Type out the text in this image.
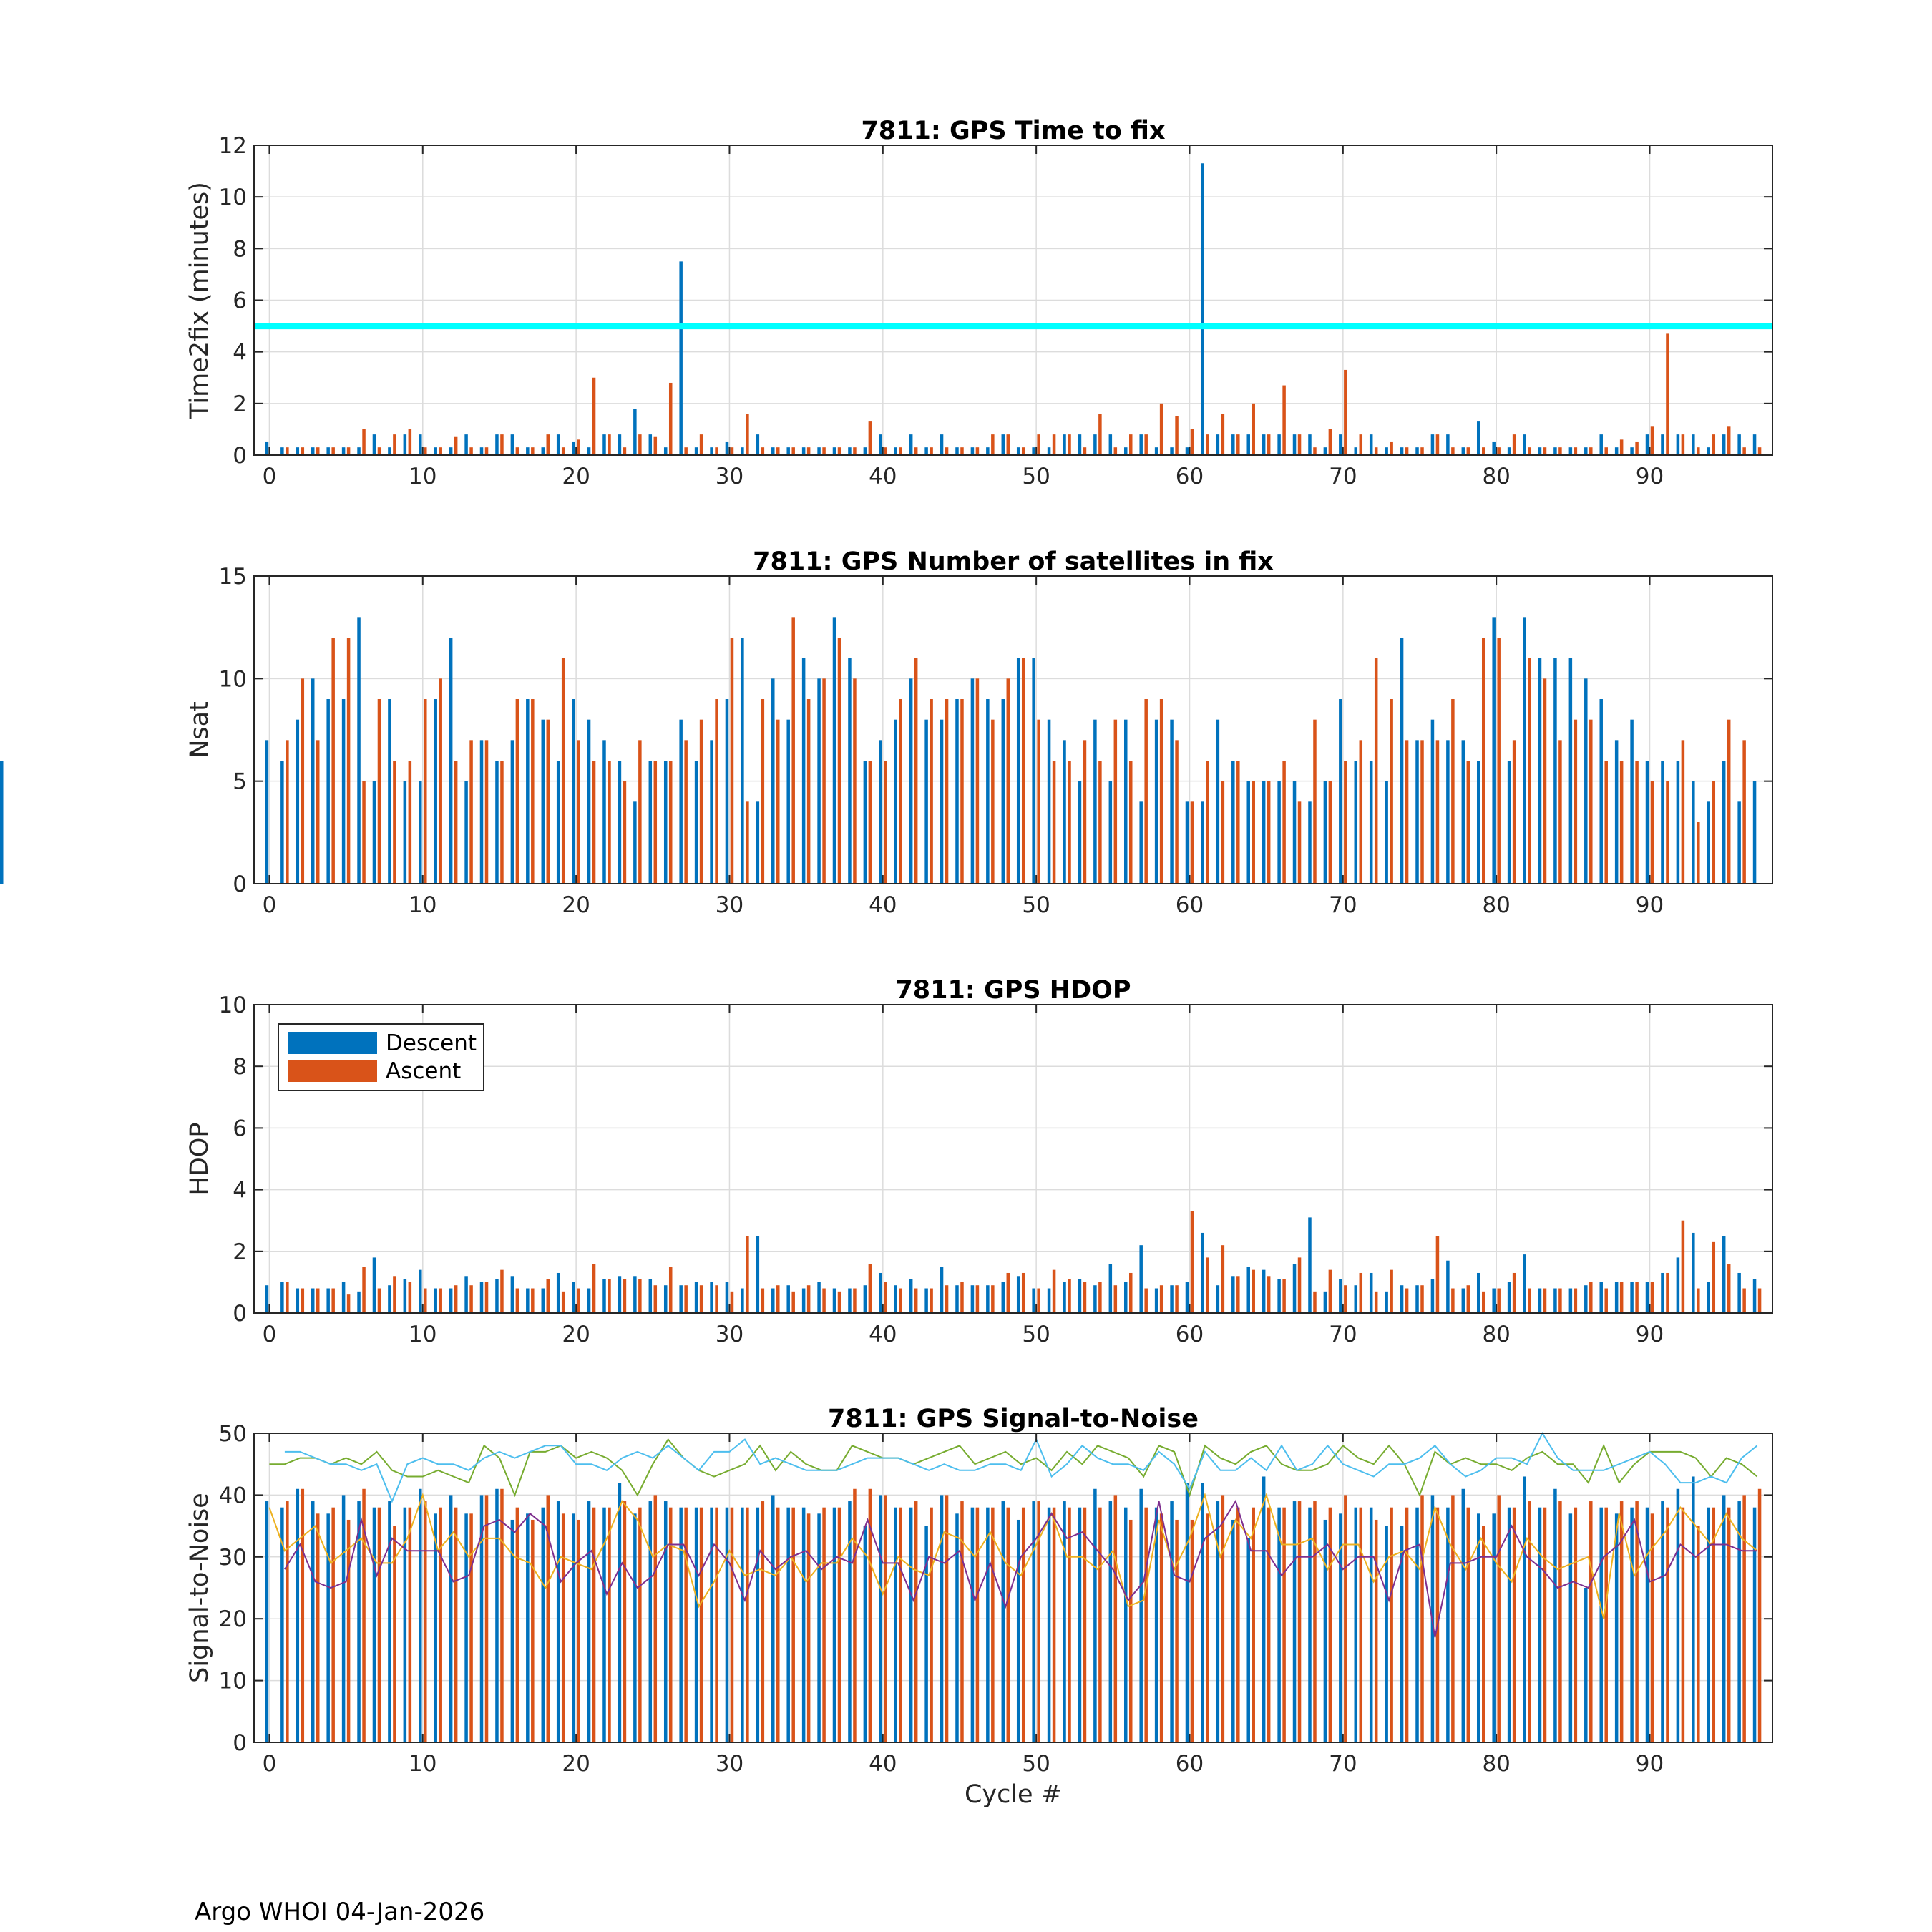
0	10	20	30	40	50	60	70	80	90
0
2
4
6
8
10
12
7811: GPS Time to fix
Time2fix (minutes)
0	10	20	30	40	50	60	70	80	90
0
5
10
15
7811: GPS Number of satellites in fix
Nsat
0	10	20	30	40	50	60	70	80	90
0
2
4
6
8
10
7811: GPS HDOP
HDOP
Descent
Ascent
0	10	20	30	40	50	60	70	80	90
0
10
20
30
40
50
7811: GPS Signal-to-Noise
Signal-to-Noise
Cycle #
Argo WHOI 04-Jan-2026
